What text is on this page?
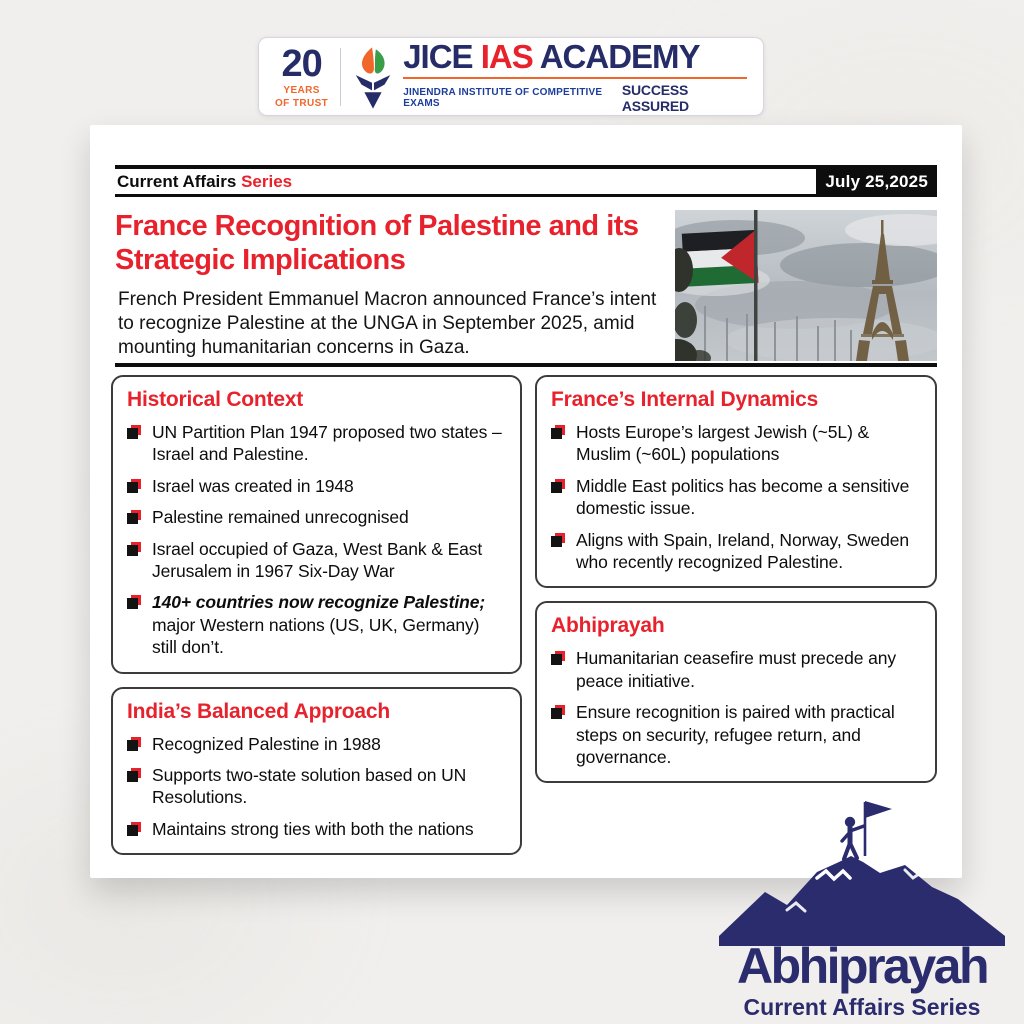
20
YEARS
OF TRUST
JICE IAS ACADEMY
JINENDRA INSTITUTE OF COMPETITIVE EXAMS
SUCCESS ASSURED
Current Affairs Series	July 25,2025
France Recognition of Palestine and its Strategic Implications
French President Emmanuel Macron announced France’s intent to recognize Palestine at the UNGA in September 2025, amid mounting humanitarian concerns in Gaza.
Historical Context
UN Partition Plan 1947 proposed two states – Israel and Palestine.
Israel was created in 1948
Palestine remained unrecognised
Israel occupied of Gaza, West Bank & East Jerusalem in 1967 Six-Day War
140+ countries now recognize Palestine; major Western nations (US, UK, Germany) still don’t.
India’s Balanced Approach
Recognized Palestine in 1988
Supports two-state solution based on UN Resolutions.
Maintains strong ties with both the nations
France’s Internal Dynamics
Hosts Europe’s largest Jewish (~5L) & Muslim (~60L) populations
Middle East politics has become a sensitive domestic issue.
Aligns with Spain, Ireland, Norway, Sweden who recently recognized Palestine.
Abhiprayah
Humanitarian ceasefire must precede any peace initiative.
Ensure recognition is paired with practical steps on security, refugee return, and governance.
Abhiprayah
Current Affairs Series
